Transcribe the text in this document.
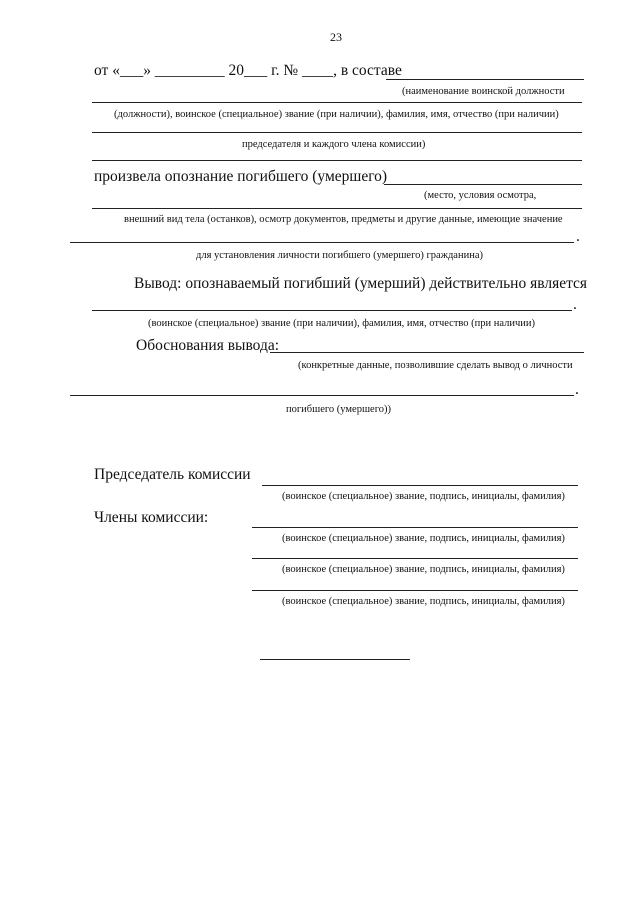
23
от «___» _________ 20___ г. № ____, в составе
(наименование воинской должности
(должности), воинское (специальное) звание (при наличии), фамилия, имя, отчество (при наличии)
председателя и каждого члена комиссии)
произвела опознание погибшего (умершего)
(место, условия осмотра,
внешний вид тела (останков), осмотр документов, предметы и другие данные, имеющие значение
.
для установления личности погибшего (умершего) гражданина)
Вывод: опознаваемый погибший (умерший) действительно является
.
(воинское (специальное) звание (при наличии), фамилия, имя, отчество (при наличии)
Обоснования вывода:
(конкретные данные, позволившие сделать вывод о личности
.
погибшего (умершего))
Председатель комиссии
(воинское (специальное) звание, подпись, инициалы, фамилия)
Члены комиссии:
(воинское (специальное) звание, подпись, инициалы, фамилия)
(воинское (специальное) звание, подпись, инициалы, фамилия)
(воинское (специальное) звание, подпись, инициалы, фамилия)
